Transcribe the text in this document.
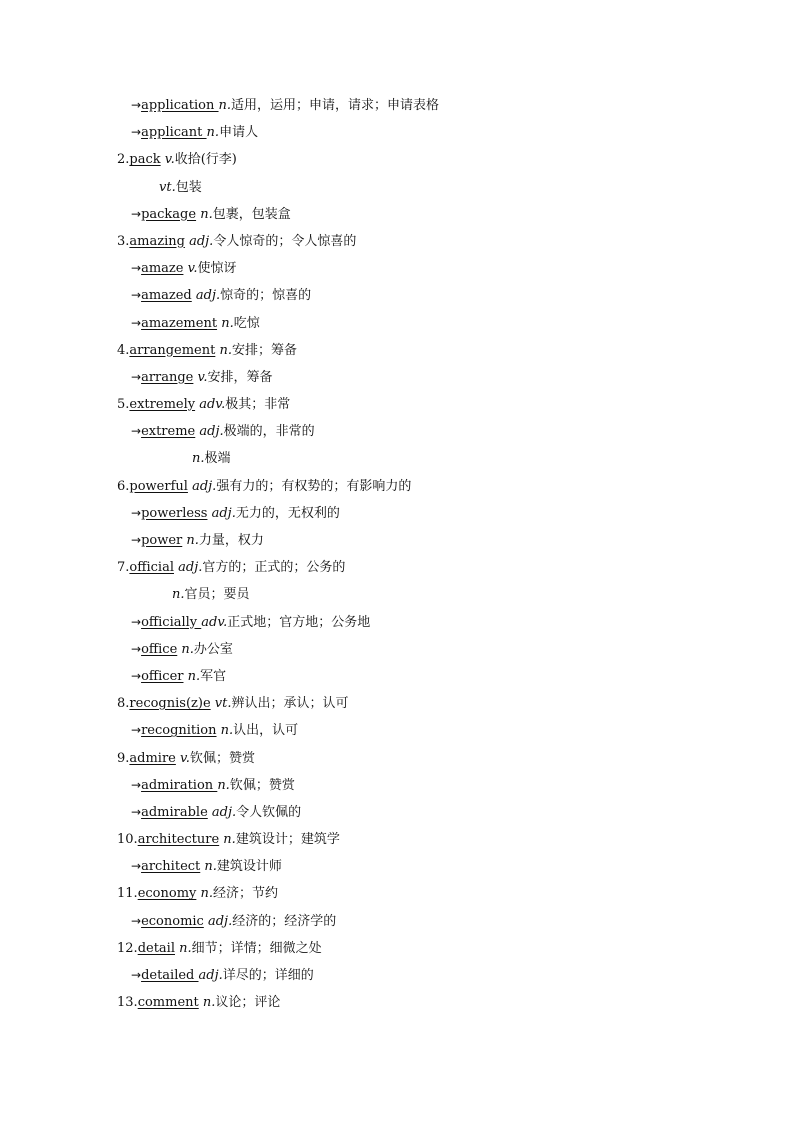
→application n.适用，运用；申请，请求；申请表格
→applicant n.申请人
2.pack v.收拾(行李)
vt.包装
→package n.包裹，包装盒
3.amazing adj.令人惊奇的；令人惊喜的
→amaze v.使惊讶
→amazed adj.惊奇的；惊喜的
→amazement n.吃惊
4.arrangement n.安排；筹备
→arrange v.安排，筹备
5.extremely adv.极其；非常
→extreme adj.极端的，非常的
n.极端
6.powerful adj.强有力的；有权势的；有影响力的
→powerless adj.无力的，无权利的
→power n.力量，权力
7.official adj.官方的；正式的；公务的
n.官员；要员
→officially adv.正式地；官方地；公务地
→office n.办公室
→officer n.军官
8.recognis(z)e vt.辨认出；承认；认可
→recognition n.认出，认可
9.admire v.钦佩；赞赏
→admiration n.钦佩；赞赏
→admirable adj.令人钦佩的
10.architecture n.建筑设计；建筑学
→architect n.建筑设计师
11.economy n.经济；节约
→economic adj.经济的；经济学的
12.detail n.细节；详情；细微之处
→detailed adj.详尽的；详细的
13.comment n.议论；评论
